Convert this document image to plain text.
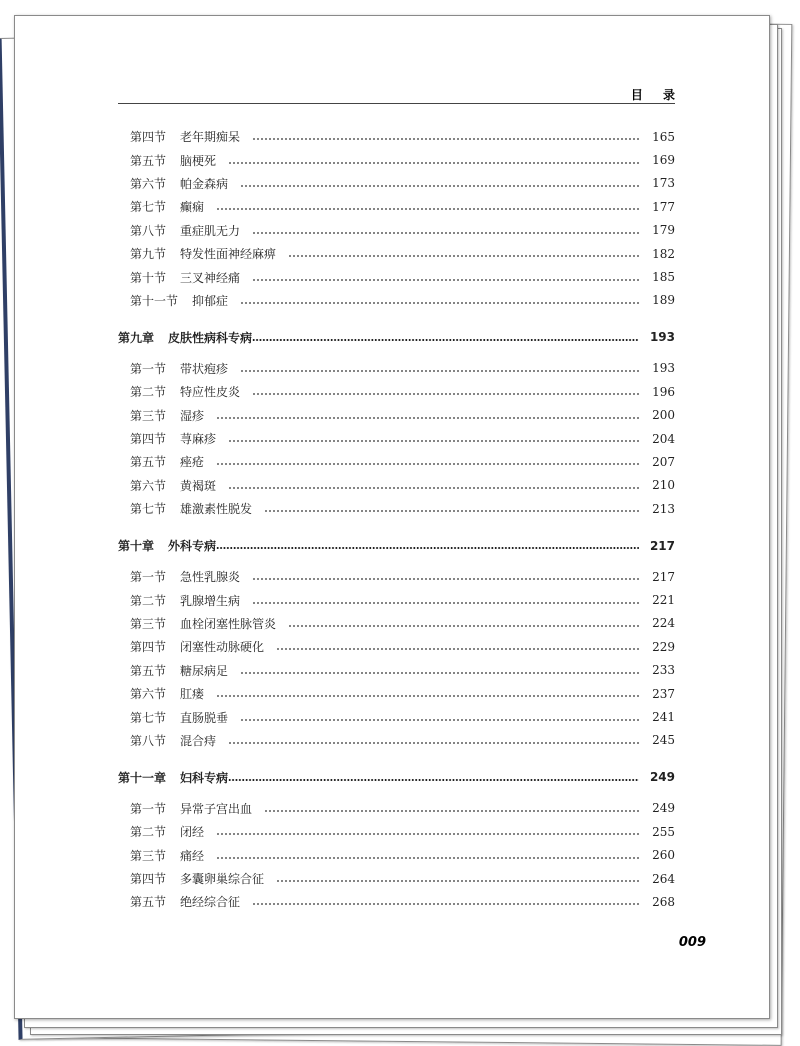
目 录
第四节 老年期痴呆	165
第五节 脑梗死	169
第六节 帕金森病	173
第七节 癫痫	177
第八节 重症肌无力	179
第九节 特发性面神经麻痹	182
第十节 三叉神经痛	185
第十一节 抑郁症	189
第九章 皮肤性病科专病	193
第一节 带状疱疹	193
第二节 特应性皮炎	196
第三节 湿疹	200
第四节 荨麻疹	204
第五节 痤疮	207
第六节 黄褐斑	210
第七节 雄激素性脱发	213
第十章 外科专病	217
第一节 急性乳腺炎	217
第二节 乳腺增生病	221
第三节 血栓闭塞性脉管炎	224
第四节 闭塞性动脉硬化	229
第五节 糖尿病足	233
第六节 肛瘘	237
第七节 直肠脱垂	241
第八节 混合痔	245
第十一章 妇科专病	249
第一节 异常子宫出血	249
第二节 闭经	255
第三节 痛经	260
第四节 多囊卵巢综合征	264
第五节 绝经综合征	268
009
